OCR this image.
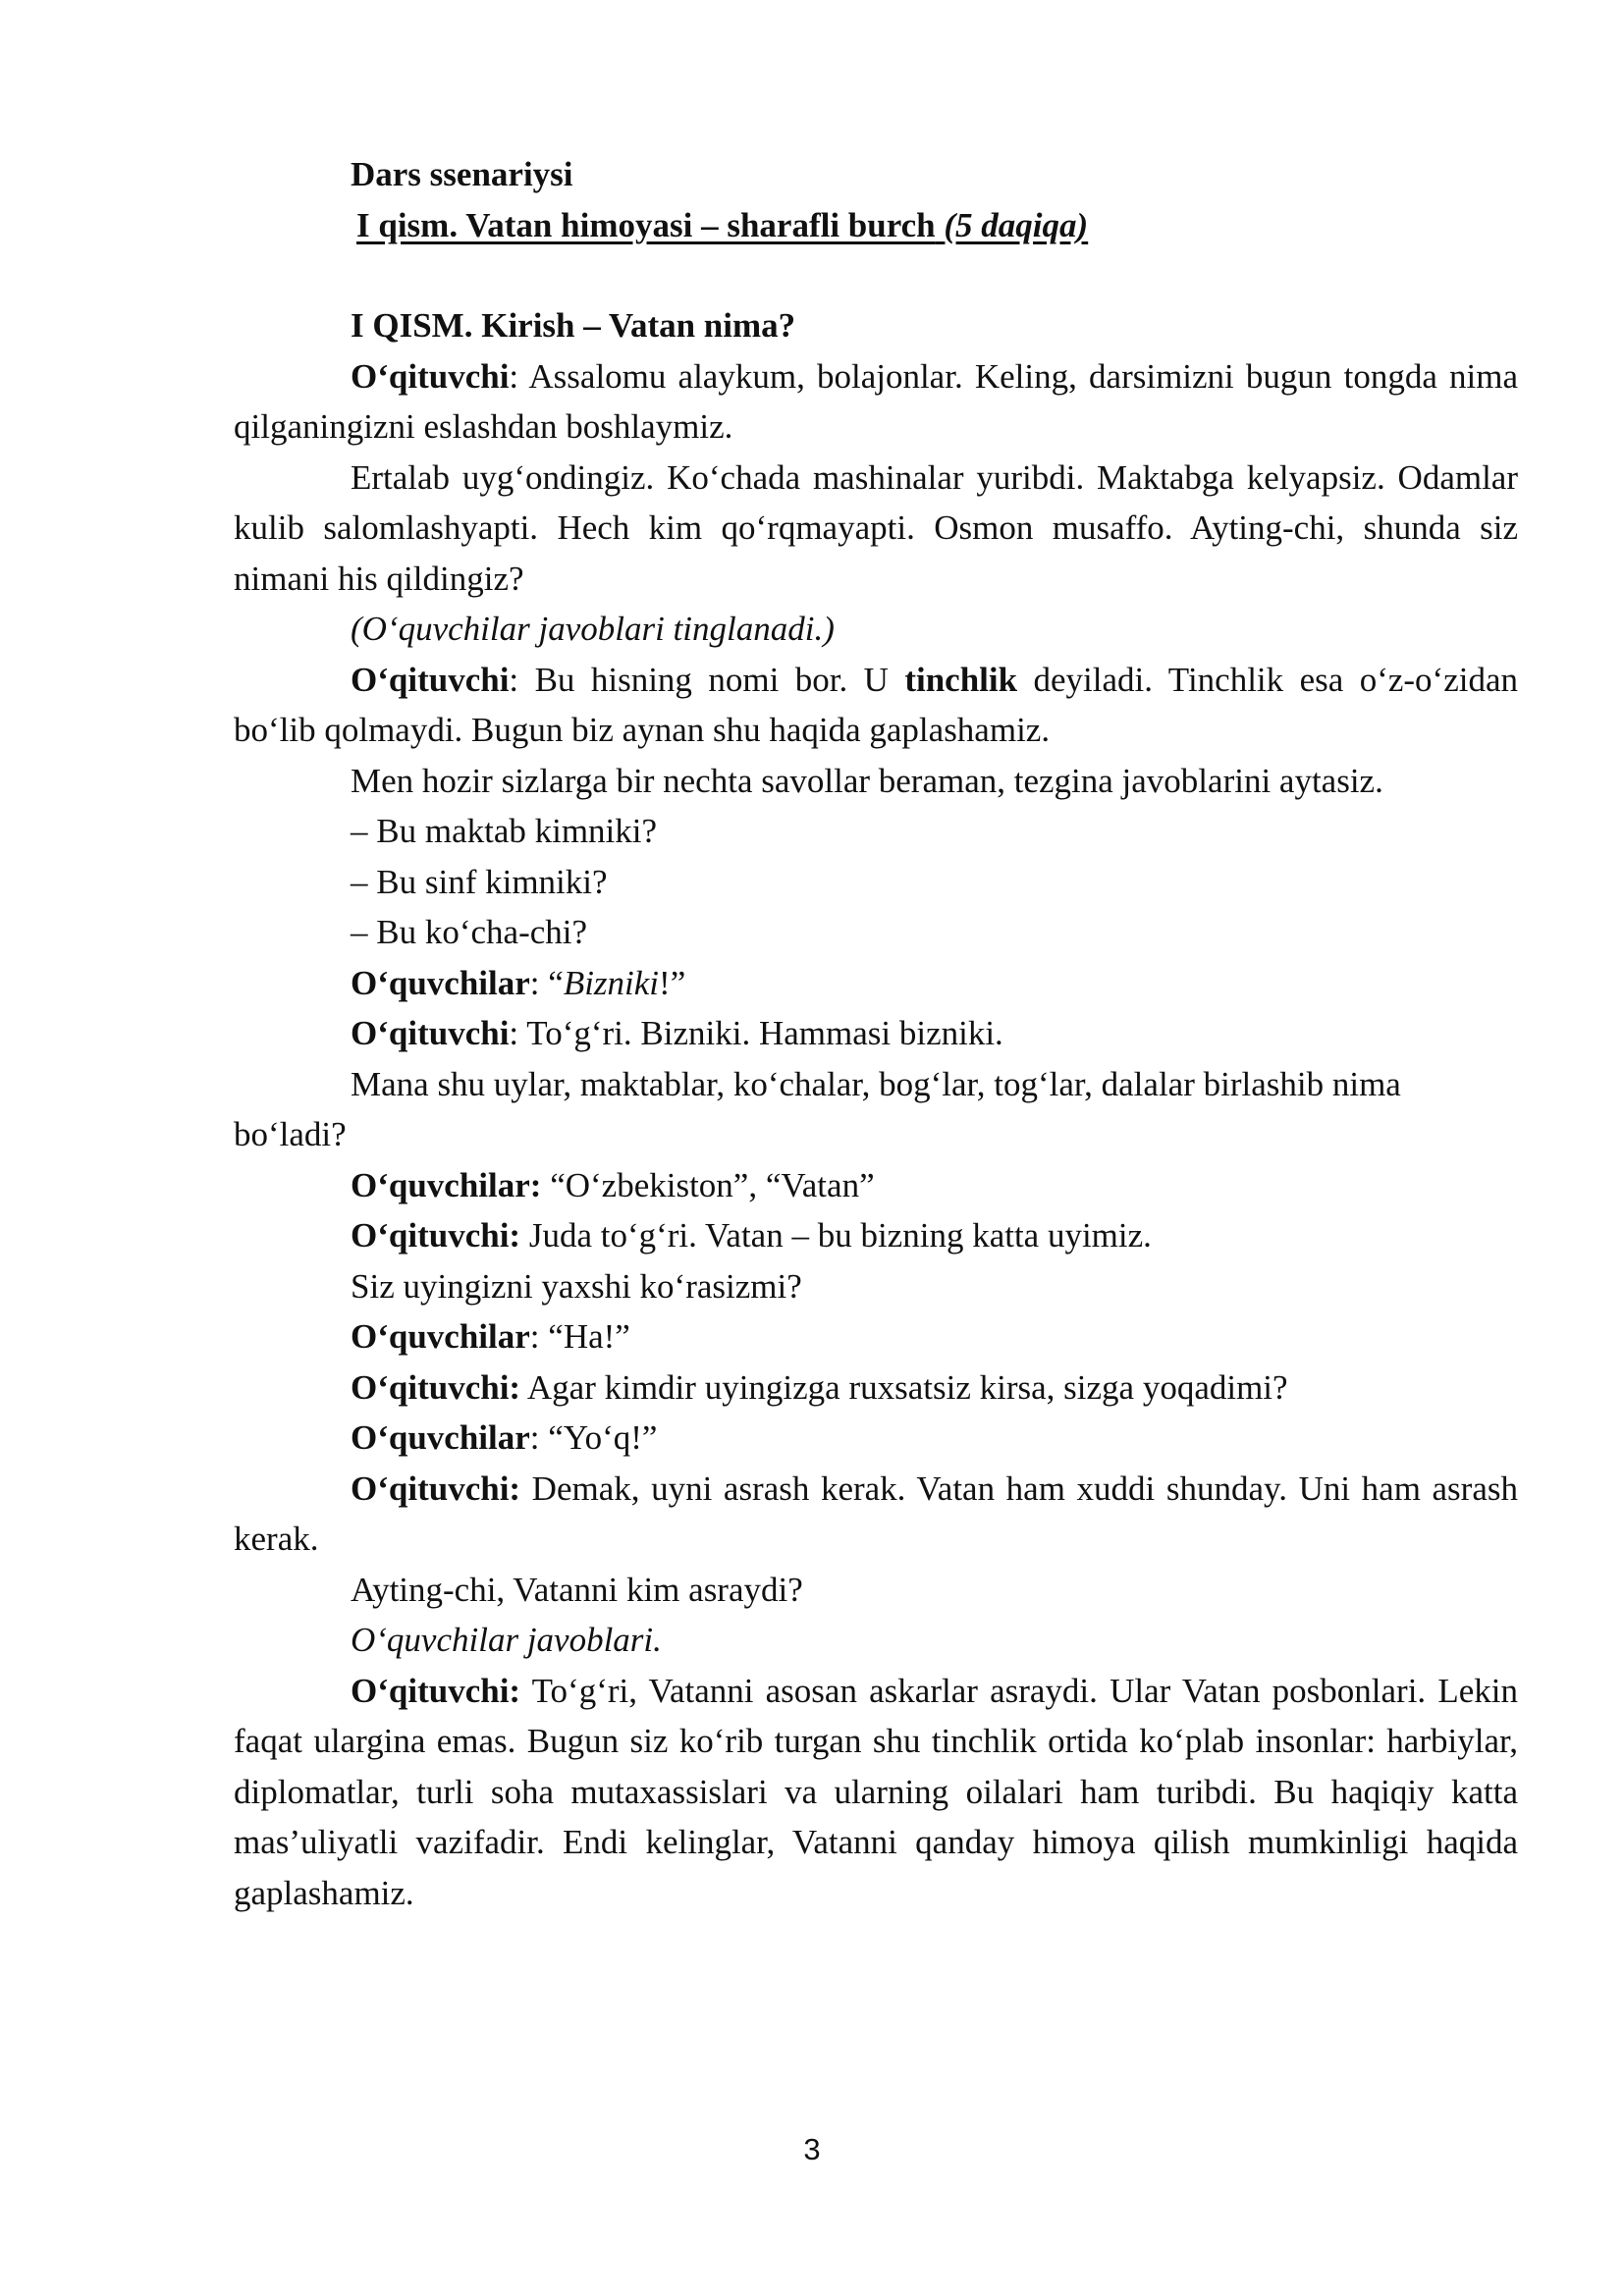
Dars ssenariysi

I qism. Vatan himoyasi – sharafli burch (5 daqiqa)

I QISM. Kirish – Vatan nima?

O‘qituvchi: Assalomu alaykum, bolajonlar. Keling, darsimizni bugun tongda nima qilganingizni eslashdan boshlaymiz.

Ertalab uyg‘ondingiz. Ko‘chada mashinalar yuribdi. Maktabga kelyapsiz. Odamlar kulib salomlashyapti. Hech kim qo‘rqmayapti. Osmon musaffo. Ayting-chi, shunda siz nimani his qildingiz?

(O‘quvchilar javoblari tinglanadi.)

O‘qituvchi: Bu hisning nomi bor. U tinchlik deyiladi. Tinchlik esa o‘z-o‘zidan bo‘lib qolmaydi. Bugun biz aynan shu haqida gaplashamiz.

Men hozir sizlarga bir nechta savollar beraman, tezgina javoblarini aytasiz.

– Bu maktab kimniki?

– Bu sinf kimniki?

– Bu ko‘cha-chi?

O‘quvchilar: “Bizniki!”

O‘qituvchi: To‘g‘ri. Bizniki. Hammasi bizniki.

Mana shu uylar, maktablar, ko‘chalar, bog‘lar, tog‘lar, dalalar birlashib nima bo‘ladi?

O‘quvchilar: “O‘zbekiston”, “Vatan”

O‘qituvchi: Juda to‘g‘ri. Vatan – bu bizning katta uyimiz.

Siz uyingizni yaxshi ko‘rasizmi?

O‘quvchilar: “Ha!”

O‘qituvchi: Agar kimdir uyingizga ruxsatsiz kirsa, sizga yoqadimi?

O‘quvchilar: “Yo‘q!”

O‘qituvchi: Demak, uyni asrash kerak. Vatan ham xuddi shunday. Uni ham asrash kerak.

Ayting-chi, Vatanni kim asraydi?

O‘quvchilar javoblari.

O‘qituvchi: To‘g‘ri, Vatanni asosan askarlar asraydi. Ular Vatan posbonlari. Lekin faqat ulargina emas. Bugun siz ko‘rib turgan shu tinchlik ortida ko‘plab insonlar: harbiylar, diplomatlar, turli soha mutaxassislari va ularning oilalari ham turibdi. Bu haqiqiy katta mas’uliyatli vazifadir. Endi kelinglar, Vatanni qanday himoya qilish mumkinligi haqida gaplashamiz.

3
